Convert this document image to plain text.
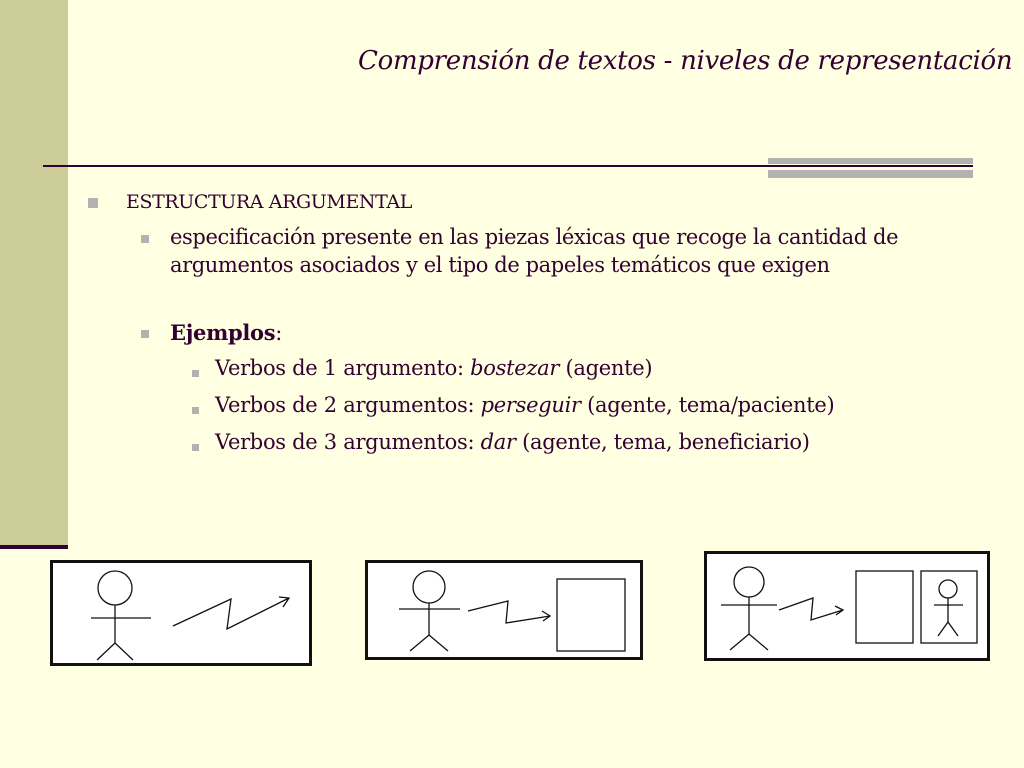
Comprensión de textos - niveles de representación
ESTRUCTURA ARGUMENTAL
especificación presente en las piezas léxicas que recoge la cantidad de
argumentos asociados y el tipo de papeles temáticos que exigen
Ejemplos:
Verbos de 1 argumento: bostezar (agente)
Verbos de 2 argumentos: perseguir (agente, tema/paciente)
Verbos de 3 argumentos: dar (agente, tema, beneficiario)
